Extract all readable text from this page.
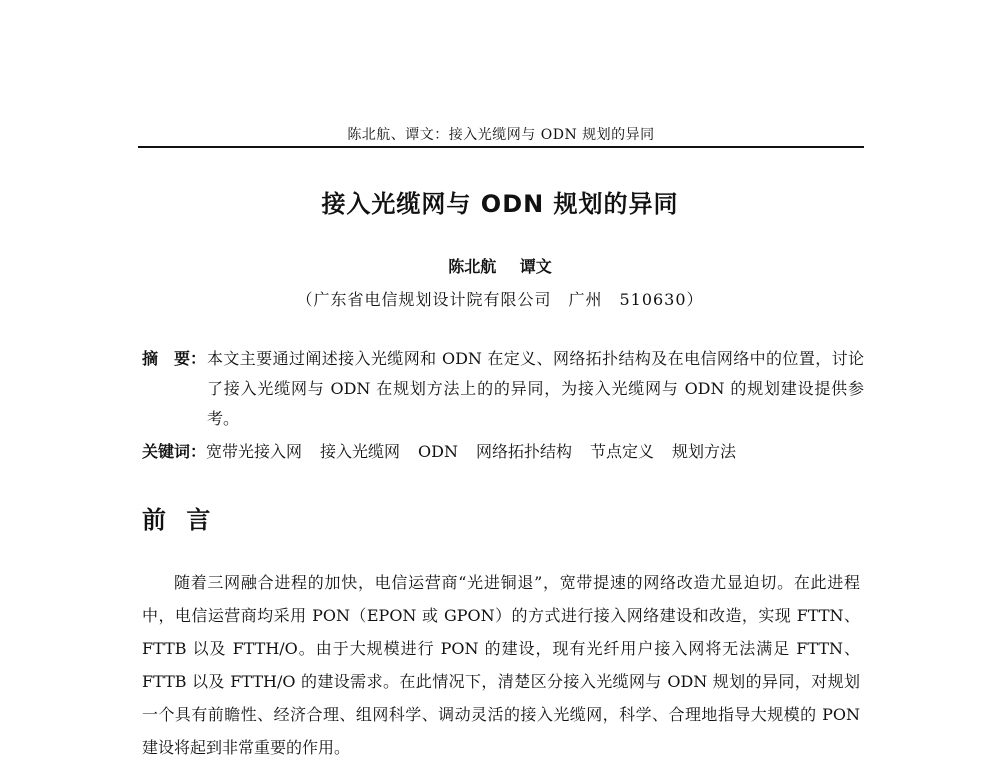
陈北航、谭文：接入光缆网与 ODN 规划的异同
接入光缆网与 ODN 规划的异同
陈北航 谭文
（广东省电信规划设计院有限公司　广州　510630）
摘　要： 本文主要通过阐述接入光缆网和 ODN 在定义、网络拓扑结构及在电信网络中的位置，讨论了接入光缆网与 ODN 在规划方法上的的异同，为接入光缆网与 ODN 的规划建设提供参考。
关键词：宽带光接入网 接入光缆网 ODN 网络拓扑结构 节点定义 规划方法
前 言

随着三网融合进程的加快，电信运营商“光进铜退”，宽带提速的网络改造尤显迫切。在此进程中，电信运营商均采用 PON（EPON 或 GPON）的方式进行接入网络建设和改造，实现 FTTN、FTTB 以及 FTTH/O。由于大规模进行 PON 的建设，现有光纤用户接入网将无法满足 FTTN、FTTB 以及 FTTH/O 的建设需求。在此情况下，清楚区分接入光缆网与 ODN 规划的异同，对规划一个具有前瞻性、经济合理、组网科学、调动灵活的接入光缆网，科学、合理地指导大规模的 PON 建设将起到非常重要的作用。
